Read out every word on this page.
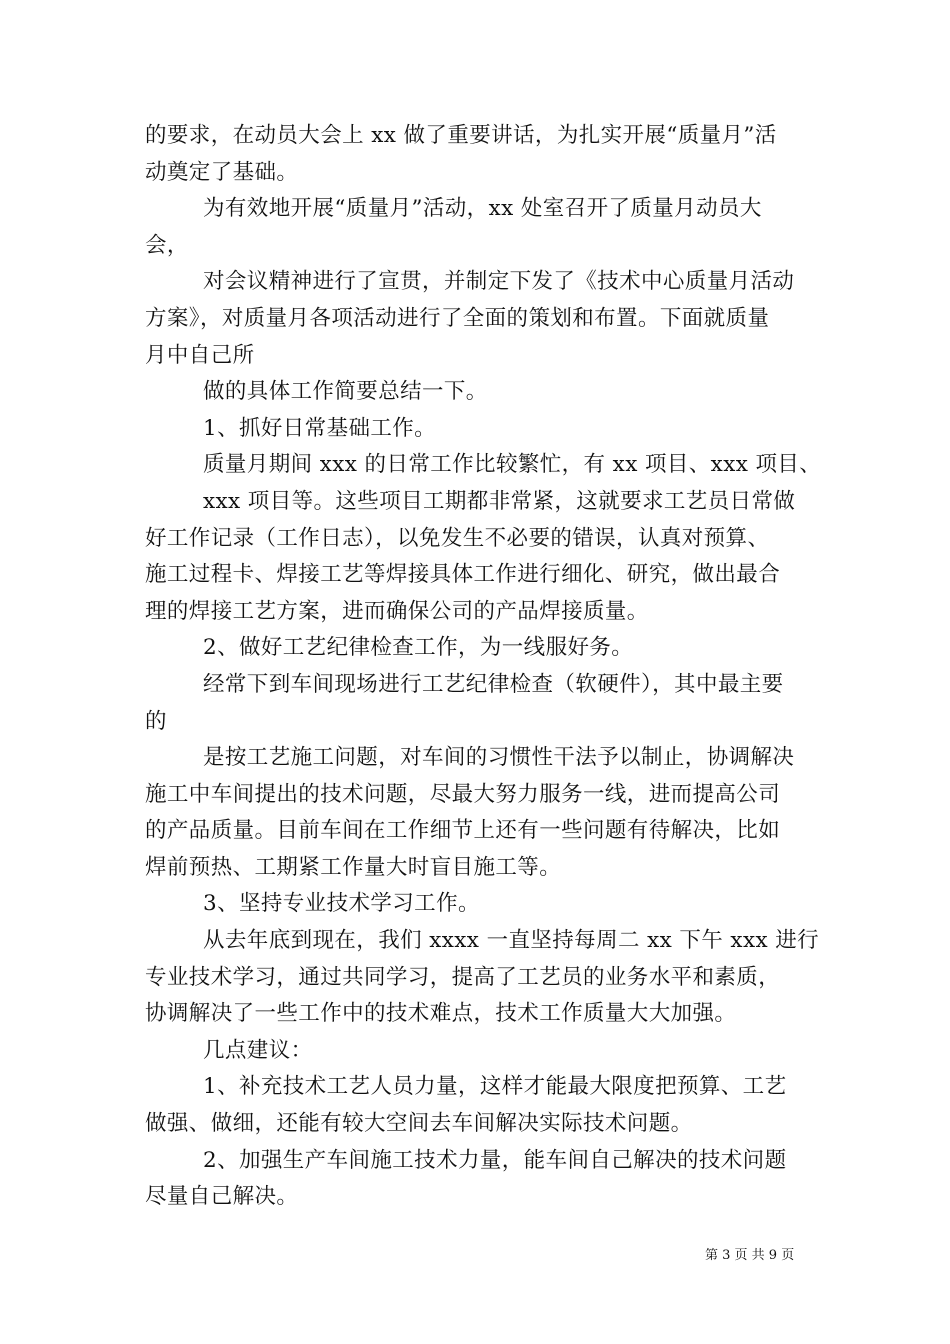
的要求，在动员大会上 xx 做了重要讲话，为扎实开展“质量月”活
动奠定了基础。
为有效地开展“质量月”活动，xx 处室召开了质量月动员大
会，
对会议精神进行了宣贯，并制定下发了《技术中心质量月活动
方案》，对质量月各项活动进行了全面的策划和布置。下面就质量
月中自己所
做的具体工作简要总结一下。
1、抓好日常基础工作。
质量月期间 xxx 的日常工作比较繁忙，有 xx 项目、xxx 项目、
xxx 项目等。这些项目工期都非常紧，这就要求工艺员日常做
好工作记录（工作日志），以免发生不必要的错误，认真对预算、
施工过程卡、焊接工艺等焊接具体工作进行细化、研究，做出最合
理的焊接工艺方案，进而确保公司的产品焊接质量。
2、做好工艺纪律检查工作，为一线服好务。
经常下到车间现场进行工艺纪律检查（软硬件），其中最主要
的
是按工艺施工问题，对车间的习惯性干法予以制止，协调解决
施工中车间提出的技术问题，尽最大努力服务一线，进而提高公司
的产品质量。目前车间在工作细节上还有一些问题有待解决，比如
焊前预热、工期紧工作量大时盲目施工等。
3、坚持专业技术学习工作。
从去年底到现在，我们 xxxx 一直坚持每周二 xx 下午 xxx 进行
专业技术学习，通过共同学习，提高了工艺员的业务水平和素质，
协调解决了一些工作中的技术难点，技术工作质量大大加强。
几点建议：
1、补充技术工艺人员力量，这样才能最大限度把预算、工艺
做强、做细，还能有较大空间去车间解决实际技术问题。
2、加强生产车间施工技术力量，能车间自己解决的技术问题
尽量自己解决。
第 3 页 共 9 页
